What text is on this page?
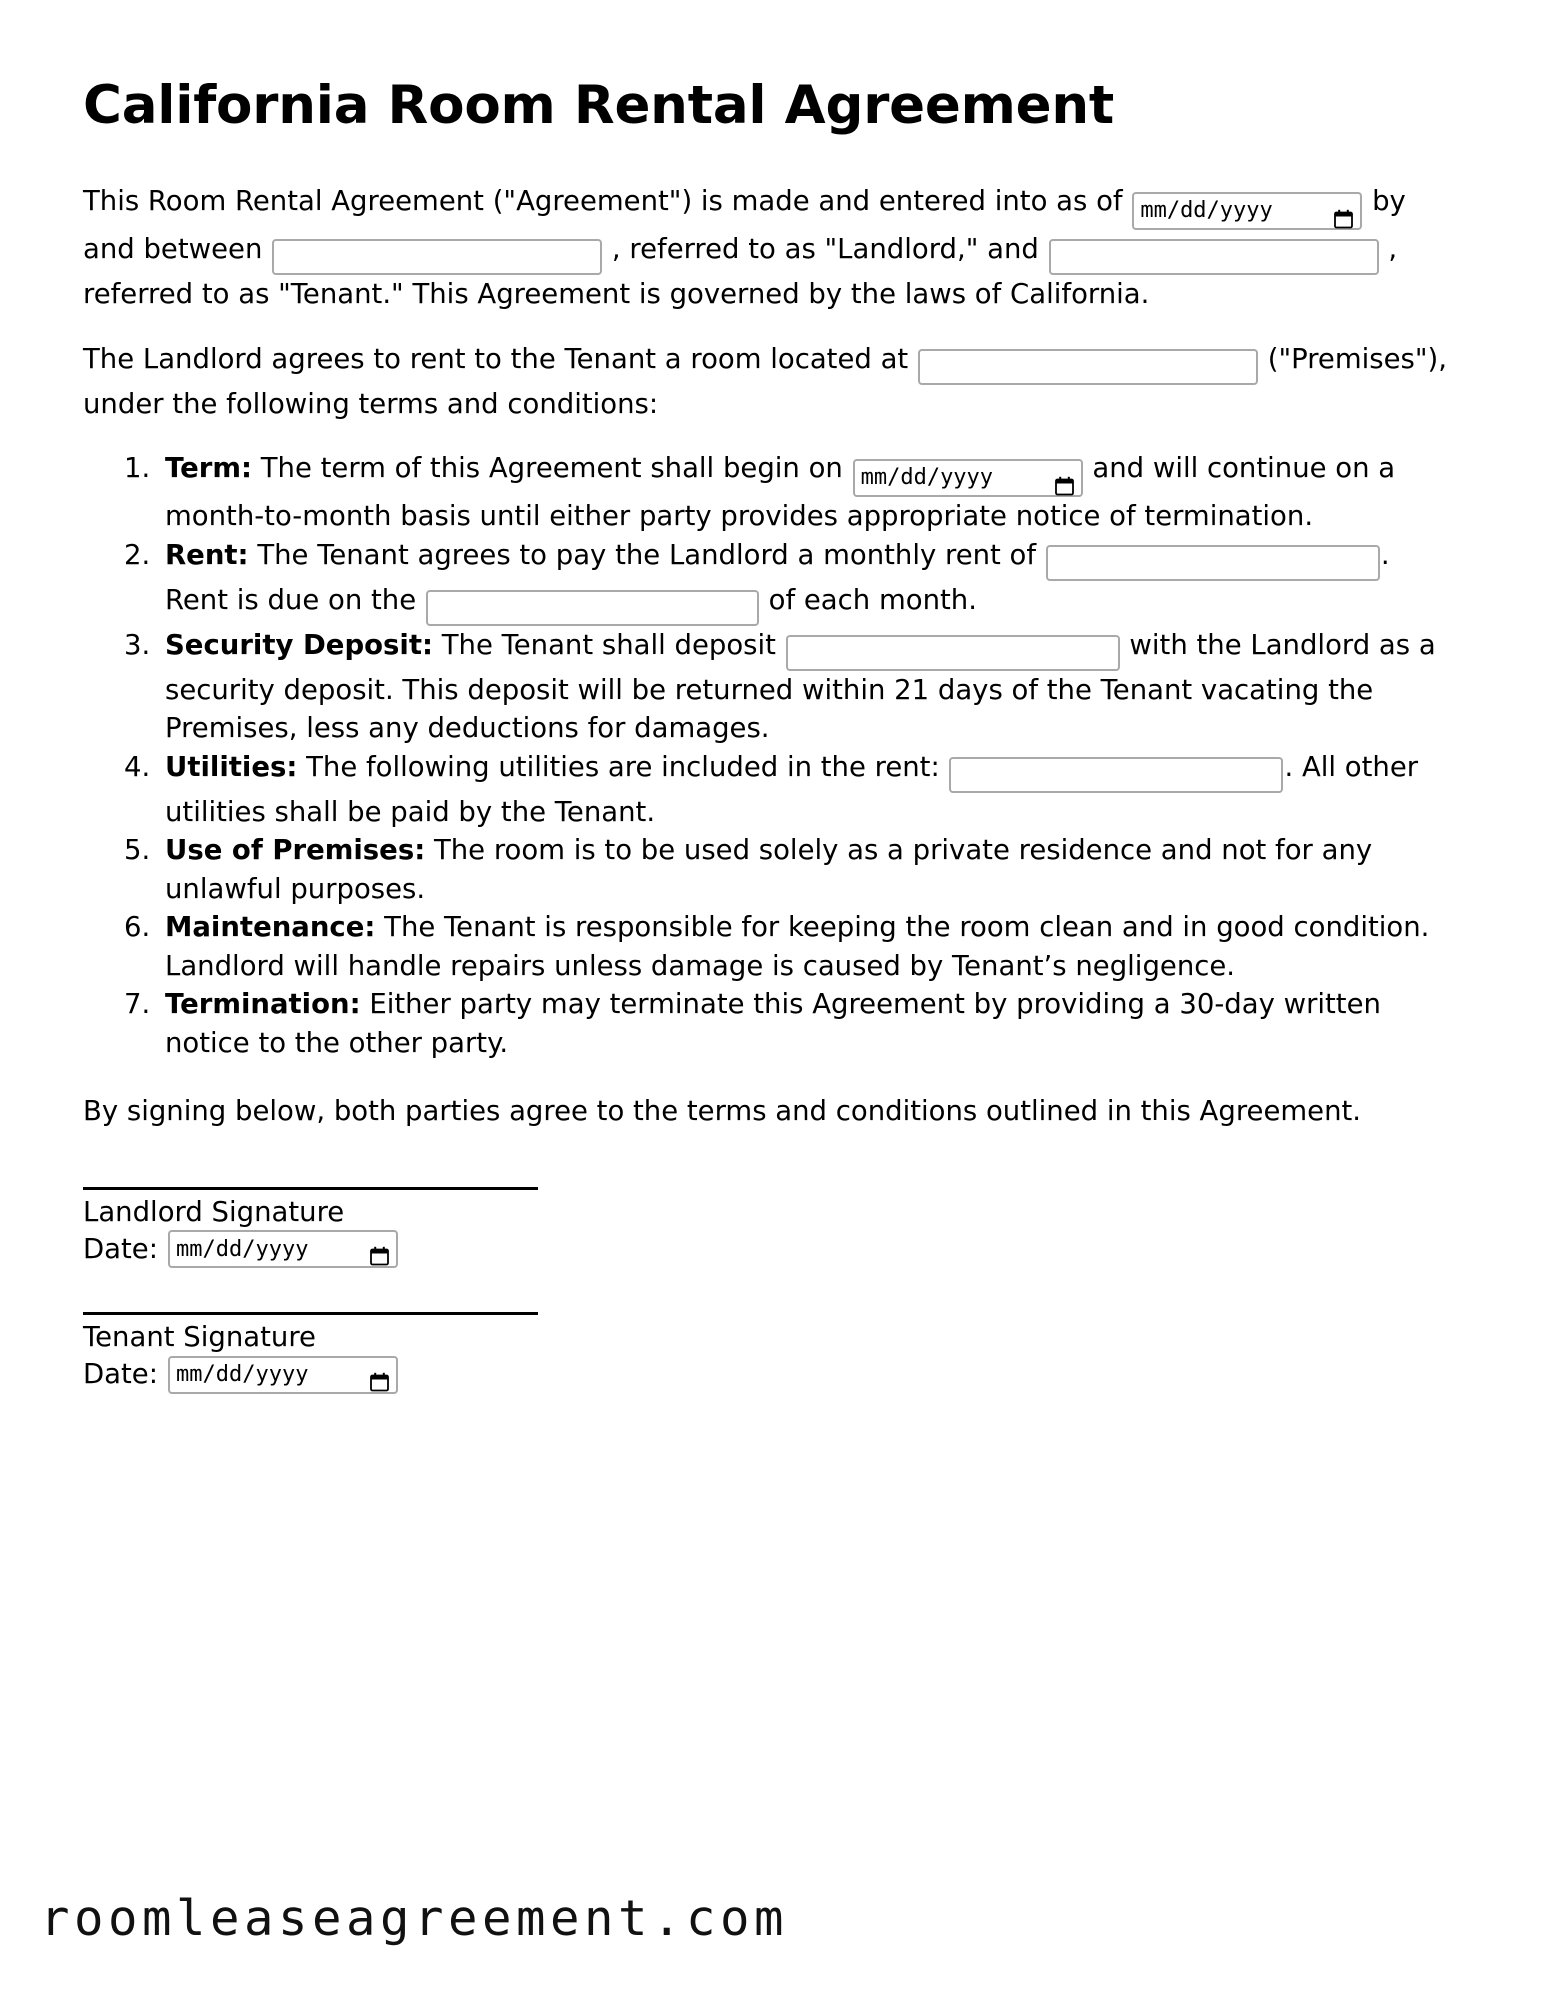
California Room Rental Agreement

This Room Rental Agreement ("Agreement") is made and entered into as of mm/dd/yyyy	by and between	, referred to as "Landlord," and	, referred to as "Tenant." This Agreement is governed by the laws of California.

The Landlord agrees to rent to the Tenant a room located at	("Premises"), under the following terms and conditions:

1. Term: The term of this Agreement shall begin on mm/dd/yyyy	and will continue on a month-to-month basis until either party provides appropriate notice of termination.
2. Rent: The Tenant agrees to pay the Landlord a monthly rent of	. Rent is due on the	of each month.
3. Security Deposit: The Tenant shall deposit	with the Landlord as a security deposit. This deposit will be returned within 21 days of the Tenant vacating the Premises, less any deductions for damages.
4. Utilities: The following utilities are included in the rent:	. All other utilities shall be paid by the Tenant.
5. Use of Premises: The room is to be used solely as a private residence and not for any unlawful purposes.
6. Maintenance: The Tenant is responsible for keeping the room clean and in good condition. Landlord will handle repairs unless damage is caused by Tenant’s negligence.
7. Termination: Either party may terminate this Agreement by providing a 30-day written notice to the other party.

By signing below, both parties agree to the terms and conditions outlined in this Agreement.

Landlord Signature

Date: mm/dd/yyyy

Tenant Signature

Date: mm/dd/yyyy
roomleaseagreement.com
